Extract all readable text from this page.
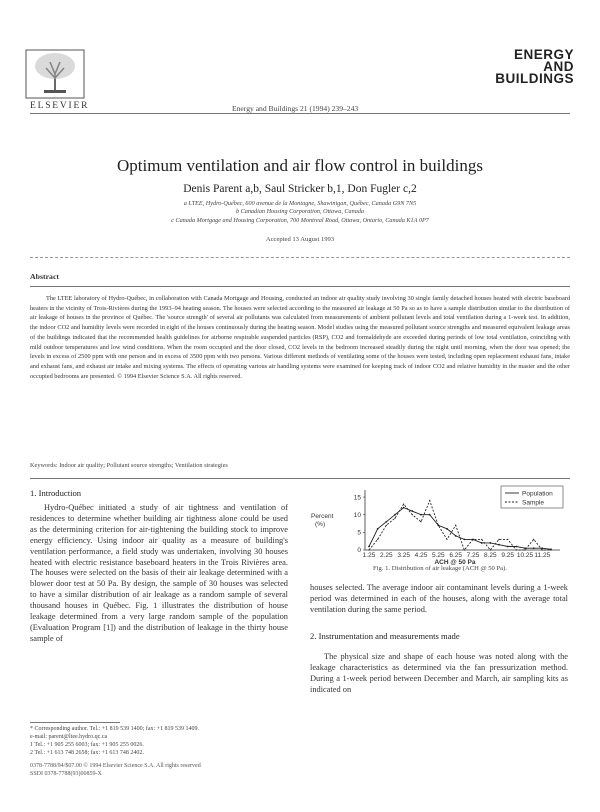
ELSEVIER	Energy and Buildings 21 (1994) 239–243
ENERGY
AND
BUILDINGS
Optimum ventilation and air flow control in buildings
Denis Parent a,b, Saul Stricker b,1, Don Fugler c,2
a LTEE, Hydro-Québec, 600 avenue de la Montagne, Shawinigan, Québec, Canada G9N 7N5
b Canadian Housing Corporation, Ottawa, Canada
c Canada Mortgage and Housing Corporation, 700 Montreal Road, Ottawa, Ontario, Canada K1A 0P7
Accepted 13 August 1993
Abstract
The LTEE laboratory of Hydro-Québec, in collaboration with Canada Mortgage and Housing, conducted an indoor air quality study involving 30 single family detached houses heated with electric baseboard heaters in the vicinity of Trois-Rivières during the 1993–94 heating season. The houses were selected according to the measured air leakage at 50 Pa so as to have a sample distribution similar to the distribution of air leakage of houses in the province of Québec. The 'source strength' of several air pollutants was calculated from measurements of ambient pollutant levels and total ventilation during a 1-week test. In addition, the indoor CO2 and humidity levels were recorded in eight of the houses continuously during the heating season. Model studies using the measured pollutant source strengths and measured equivalent leakage areas of the buildings indicated that the recommended health guidelines for airborne respirable suspended particles (RSP), CO2 and formaldehyde are exceeded during periods of low total ventilation, coinciding with mild outdoor temperatures and low wind conditions. When the room occupied and the door closed, CO2 levels in the bedroom increased steadily during the night until morning, when the door was opened; the levels in excess of 2500 ppm with one person and in excess of 3500 ppm with two persons. Various different methods of ventilating some of the houses were tested, including open replacement exhaust fans, intake and exhaust fans, and exhaust air intake and mixing systems. The effects of operating various air handling systems were examined for keeping track of indoor CO2 and relative humidity in the master and the other occupied bedrooms are presented. © 1994 Elsevier Science S.A. All rights reserved.
Keywords: Indoor air quality; Pollutant source strengths; Ventilation strategies
1. Introduction
Hydro-Québec initiated a study of air tightness and ventilation of residences to determine whether building air tightness alone could be used as the determining criterion for air-tightening the building stock to improve energy efficiency. Using indoor air quality as a measure of building's ventilation performance, a field study was undertaken, involving 30 houses heated with electric resistance baseboard heaters in the Trois Rivières area. The houses were selected on the basis of their air leakage determined with a blower door test at 50 Pa. By design, the sample of 30 houses was selected to have a similar distribution of air leakage as a random sample of several thousand houses in Québec. Fig. 1 illustrates the distribution of house leakage determined from a very large random sample of the population (Evaluation Program [1]) and the distribution of leakage in the thirty house sample of
* Corresponding author. Tel.: +1 819 539 1400; fax: +1 819 539 1409.
e-mail: parent@ltee.hydro.qc.ca
1 Tel.: +1 905 255 6003; fax: +1 905 255 0026.
2 Tel.: +1 613 748 2658; fax: +1 613 748 2402.
0378-7788/94/$07.00 © 1994 Elsevier Science S.A. All rights reserved
SSDI 0378-7788(93)00859-X
Percent
(%)
0
5
10
15
1.25 2.25 3.25 4.25 5.25 6.25 7.25 8.25 9.25 10.25 11.25
Population
Sample
ACH @ 50 Pa
Fig. 1. Distribution of air leakage (ACH @ 50 Pa).
houses selected. The average indoor air contaminant levels during a 1-week period was determined in each of the houses, along with the average total ventilation during the same period.
2. Instrumentation and measurements made
The physical size and shape of each house was noted along with the leakage characteristics as determined via the fan pressurization method. During a 1-week period between December and March, air sampling kits as indicated on
